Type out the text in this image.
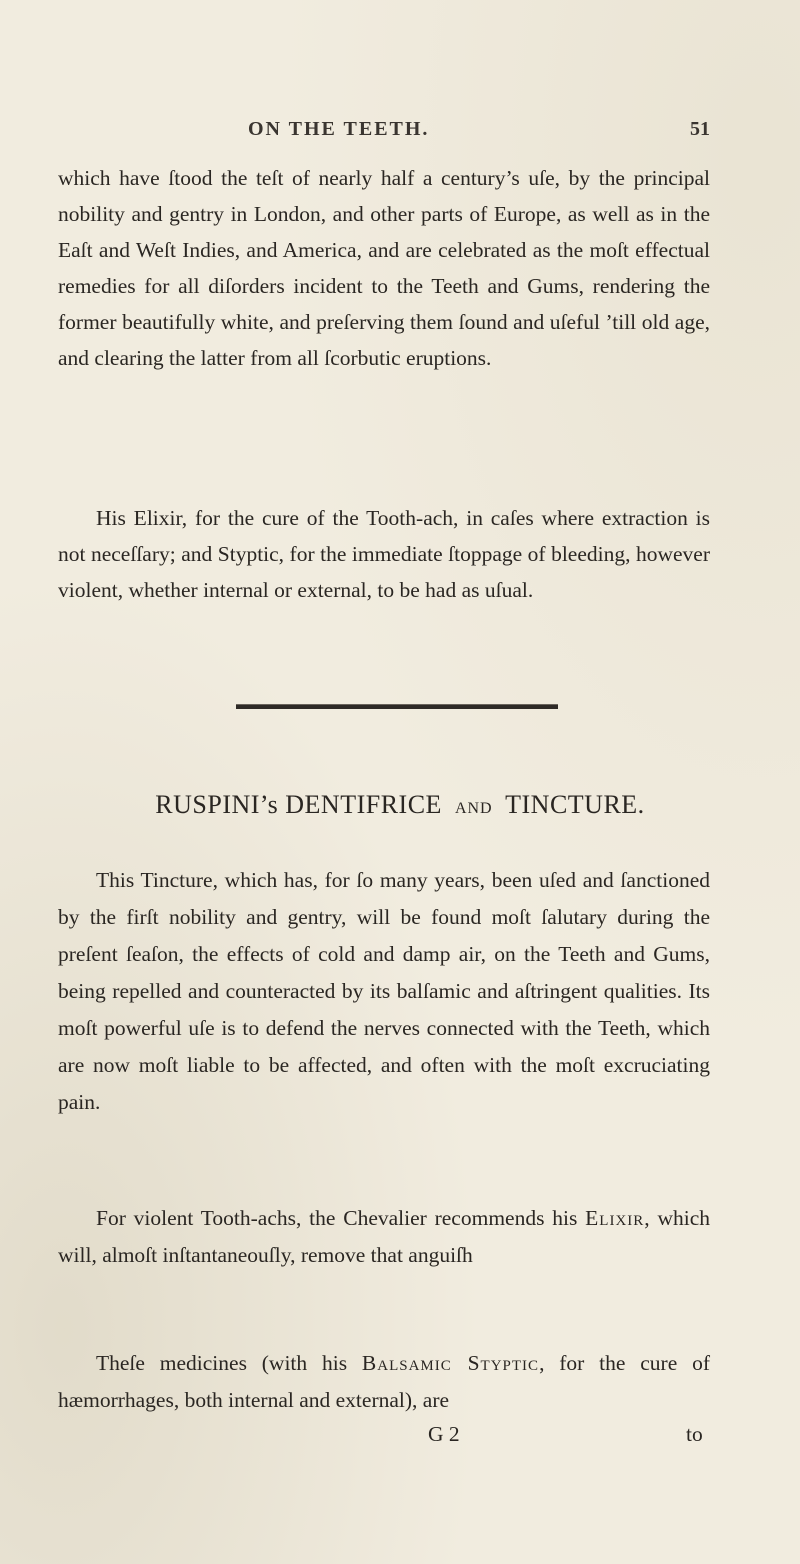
ON THE TEETH.	51

which have ſtood the teſt of nearly half a century’s uſe, by the principal nobility and gentry in London, and other parts of Europe, as well as in the Eaſt and Weſt Indies, and America, and are celebrated as the moſt effectual remedies for all diſorders incident to the Teeth and Gums, rendering the former beautifully white, and preſerving them ſound and uſeful ’till old age, and clearing the latter from all ſcorbutic eruptions.

His Elixir, for the cure of the Tooth-ach, in caſes where extraction is not neceſſary; and Styptic, for the immediate ſtoppage of bleeding, however violent, whether internal or external, to be had as uſual.

RUSPINI’s DENTIFRICE AND TINCTURE.

This Tincture, which has, for ſo many years, been uſed and ſanctioned by the firſt nobility and gentry, will be found moſt ſalutary during the preſent ſeaſon, the effects of cold and damp air, on the Teeth and Gums, being repelled and counteracted by its balſamic and aſtringent qualities. Its moſt powerful uſe is to defend the nerves connected with the Teeth, which are now moſt liable to be affected, and often with the moſt excruciating pain.

For violent Tooth-achs, the Chevalier recommends his Elixir, which will, almoſt inſtantaneouſly, remove that anguiſh

Theſe medicines (with his Balsamic Styptic, for the cure of hæmorrhages, both internal and external), are

G 2	to
